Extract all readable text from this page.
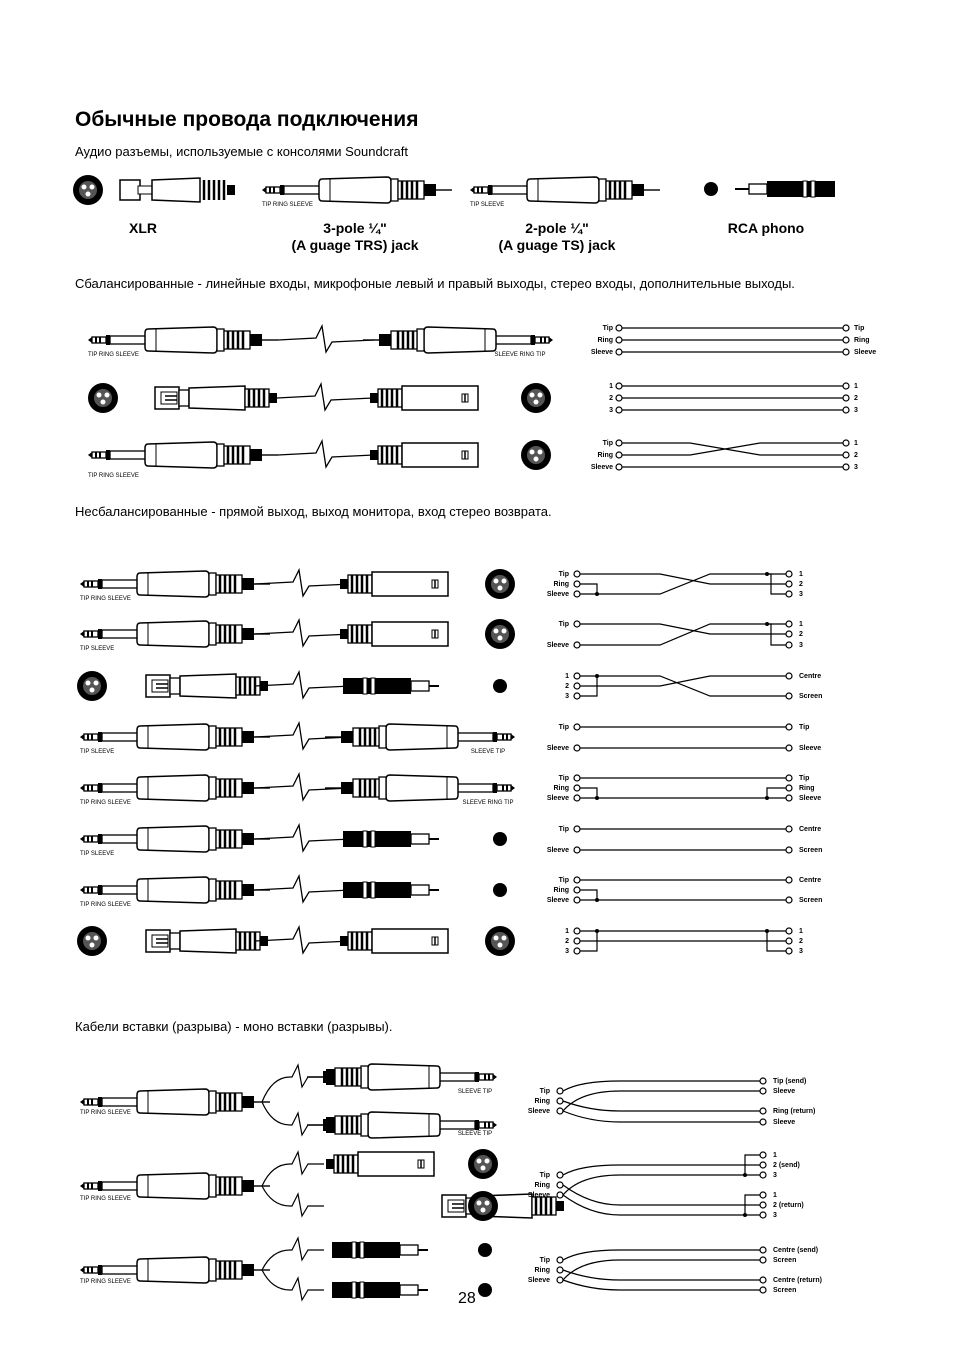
Обычные провода подключения

Аудио разъемы, используемые с консолями Soundcraft

Сбалансированные - линейные входы, микрофоные левый и правый выходы, стерео входы, дополнительные выходы.

Несбалансированные - прямой выход, выход монитора, вход стерео возврата.

Кабели вставки (разрыва) - моно вставки (разрывы).

XLR
TIP RING SLEEVE
3-pole ¼"
(A guage TRS) jack
TIP SLEEVE
2-pole ¼"
(A guage TS) jack
RCA phono
TIP RING SLEEVE	SLEEVE RING TIP
TIP RING SLEEVE
Tip	Tip
Ring	Ring
Sleeve	Sleeve
1	1
2	2
3	3
Tip	1
Ring	2
Sleeve	3
TIP RING SLEEVE
TIP SLEEVE
TIP SLEEVE	SLEEVE TIP
TIP RING SLEEVE	SLEEVE RING TIP
TIP SLEEVE
TIP RING SLEEVE
Tip
Ring
Sleeve
1
2
3
Tip
Sleeve
1
2
3
1
2
3
Centre
Screen
Tip
Sleeve
Tip
Sleeve
Tip
Ring
Sleeve
Tip
Ring
Sleeve
Tip
Sleeve
Centre
Screen
Tip
Ring
Sleeve
Centre
Screen
1
2
3
1
2
3
TIP RING SLEEVE
SLEEVE TIP
SLEEVE TIP
TIP RING SLEEVE
TIP RING SLEEVE
Tip
Ring
Sleeve
Tip (send)
Sleeve
Ring (return)
Sleeve
Tip
Ring
Sleeve
1
2 (send)
3
1
2 (return)
3
Tip
Ring
Sleeve
Centre (send)
Screen
Centre (return)
Screen
28
